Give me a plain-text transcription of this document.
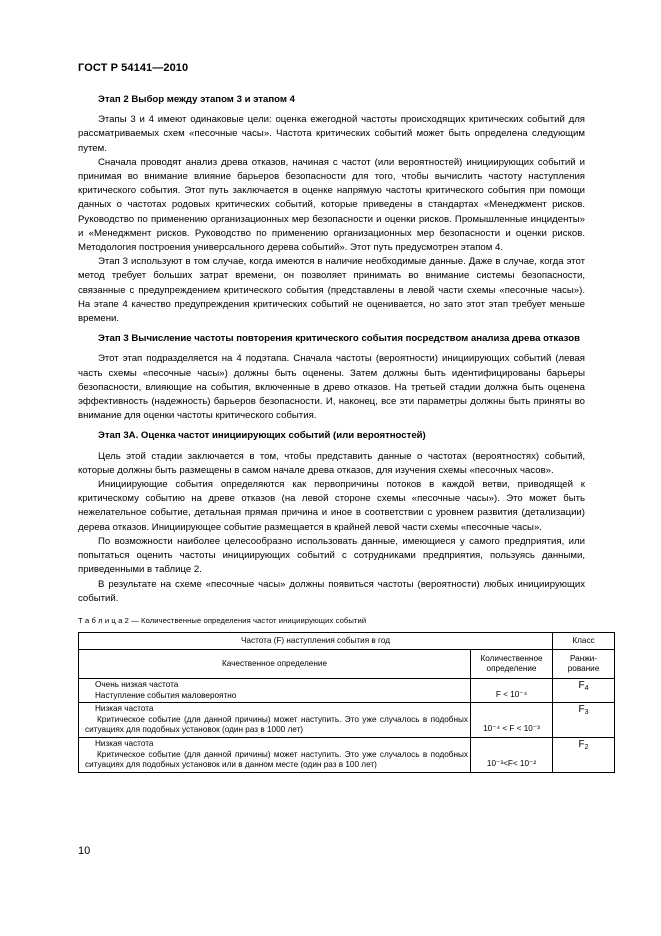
ГОСТ Р 54141—2010

Этап 2 Выбор между этапом 3 и этапом 4

Этапы 3 и 4 имеют одинаковые цели: оценка ежегодной частоты происходящих критических событий для рассматриваемых схем «песочные часы». Частота критических событий может быть определена следующим путем.

Сначала проводят анализ древа отказов, начиная с частот (или вероятностей) инициирующих событий и принимая во внимание влияние барьеров безопасности для того, чтобы вычислить частоту наступления критического события. Этот путь заключается в оценке напрямую частоты критического события при помощи данных о частотах родовых критических событий, которые приведены в стандартах «Менеджмент рисков. Руководство по применению организационных мер безопасности и оценки рисков. Промышленные инциденты» и «Менеджмент рисков. Руководство по применению организационных мер безопасности и оценки рисков. Методология построения универсального дерева событий». Этот путь предусмотрен этапом 4.

Этап 3 используют в том случае, когда имеются в наличие необходимые данные. Даже в случае, когда этот метод требует больших затрат времени, он позволяет принимать во внимание системы безопасности, связанные с предупреждением критического события (представлены в левой части схемы «песочные часы»). На этапе 4 качество предупреждения критических событий не оценивается, но зато этот этап требует меньше времени.

Этап 3 Вычисление частоты повторения критического события посредством анализа древа отказов

Этот этап подразделяется на 4 подэтапа. Сначала частоты (вероятности) инициирующих событий (левая часть схемы «песочные часы») должны быть оценены. Затем должны быть идентифицированы барьеры безопасности, влияющие на события, включенные в древо отказов. На третьей стадии должна быть оценена эффективность (надежность) барьеров безопасности. И, наконец, все эти параметры должны быть приняты во внимание для оценки частоты критического события.

Этап 3А. Оценка частот инициирующих событий (или вероятностей)

Цель этой стадии заключается в том, чтобы представить данные о частотах (вероятностях) событий, которые должны быть размещены в самом начале древа отказов, для изучения схемы «песочных часов».

Инициирующие события определяются как первопричины потоков в каждой ветви, приводящей к критическому событию на древе отказов (на левой стороне схемы «песочные часы»). Это может быть нежелательное событие, детальная прямая причина и иное в соответствии с уровнем развития (детализации) дерева отказов. Инициирующее событие размещается в крайней левой части схемы «песочные часы».

По возможности наиболее целесообразно использовать данные, имеющиеся у самого предприятия, или попытаться оценить частоты инициирующих событий с сотрудниками предприятия, пользуясь данными, приведенными в таблице 2.

В результате на схеме «песочные часы» должны появиться частоты (вероятности) любых инициирующих событий.

Т а б л и ц а 2 — Количественные определения частот инициирующих событий
Частота (F) наступления события в год		Класс
Качественное определение	Количественное определение	Ранжи-рование

Очень низкая частота
Наступление события маловероятно	F < 10⁻⁴	$F_4$

Низкая частота
Критическое событие (для данной причины) может наступить. Это уже случалось в подобных ситуациях для подобных установок (один раз в 1000 лет)	10⁻⁴ < F < 10⁻³	$F_3$

Низкая частота
Критическое событие (для данной причины) может наступить. Это уже случалось в подобных ситуациях для подобных установок или в данном месте (один раз в 100 лет)	10⁻³<F< 10⁻²	$F_2$
10
